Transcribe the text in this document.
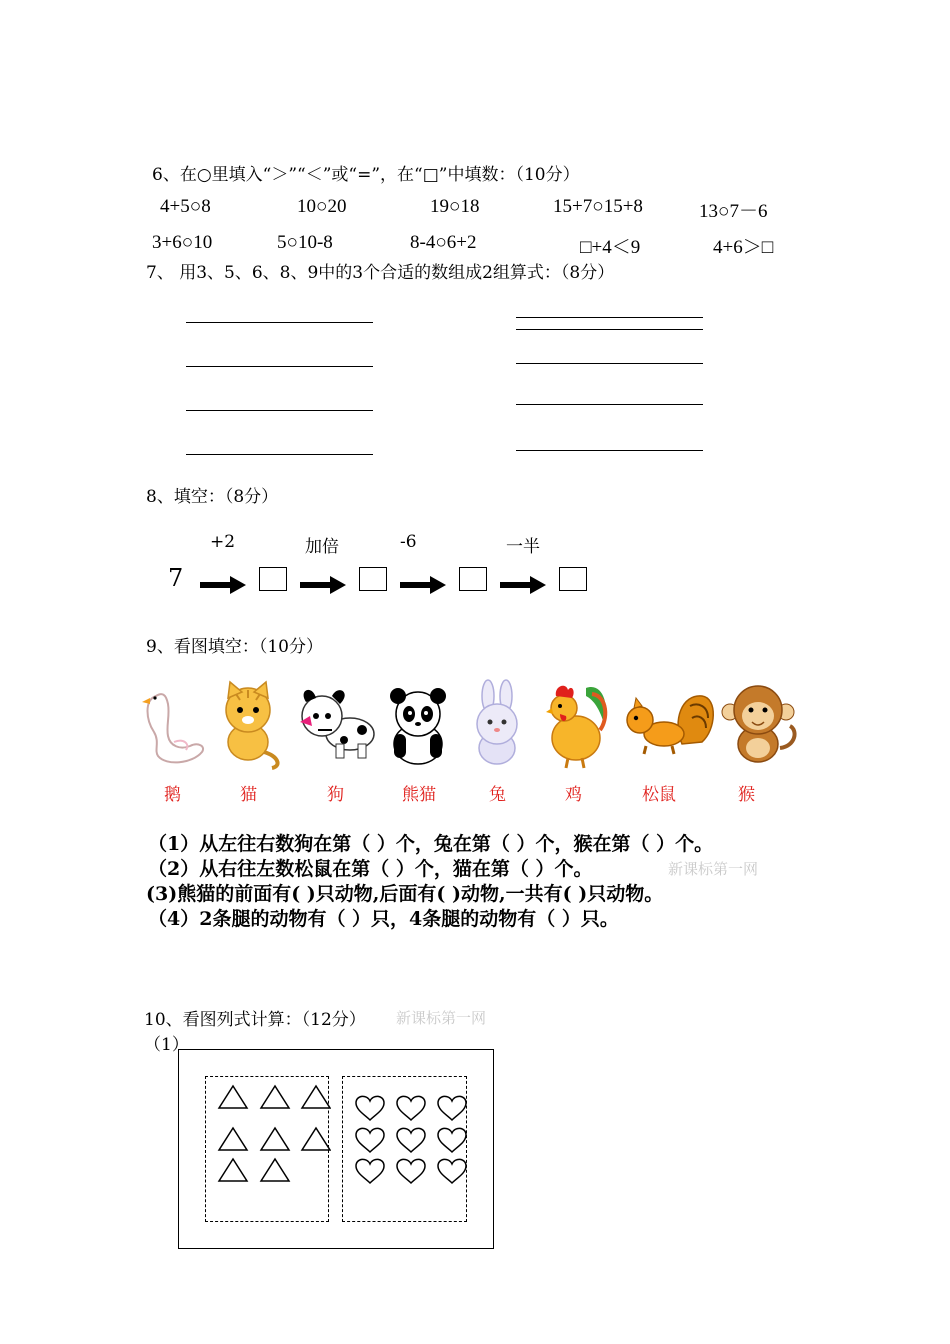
6、在○里填入“＞”“＜”或“=”，在“□”中填数：（10分）
4+5○8	10○20	19○18	15+7○15+8	13○7－6
3+6○10	5○10-8	8-4○6+2	□+4＜9	4+6＞□
7、 用3、5、6、8、9中的3个合适的数组成2组算式：（8分）
8、填空：（8分）
+2	加倍	-6	一半
7
9、看图填空：（10分）
鹅	猫	狗	熊猫	兔	鸡	松鼠	猴
（1）从左往右数狗在第（ ）个，兔在第（ ）个，猴在第（ ）个。
（2）从右往左数松鼠在第（ ）个，猫在第（ ）个。	新课标第一网
(3)熊猫的前面有( )只动物,后面有( )动物,一共有( )只动物。
（4）2条腿的动物有（ ）只，4条腿的动物有（ ）只。
10、看图列式计算：（12分） 新课标第一网
（1）
